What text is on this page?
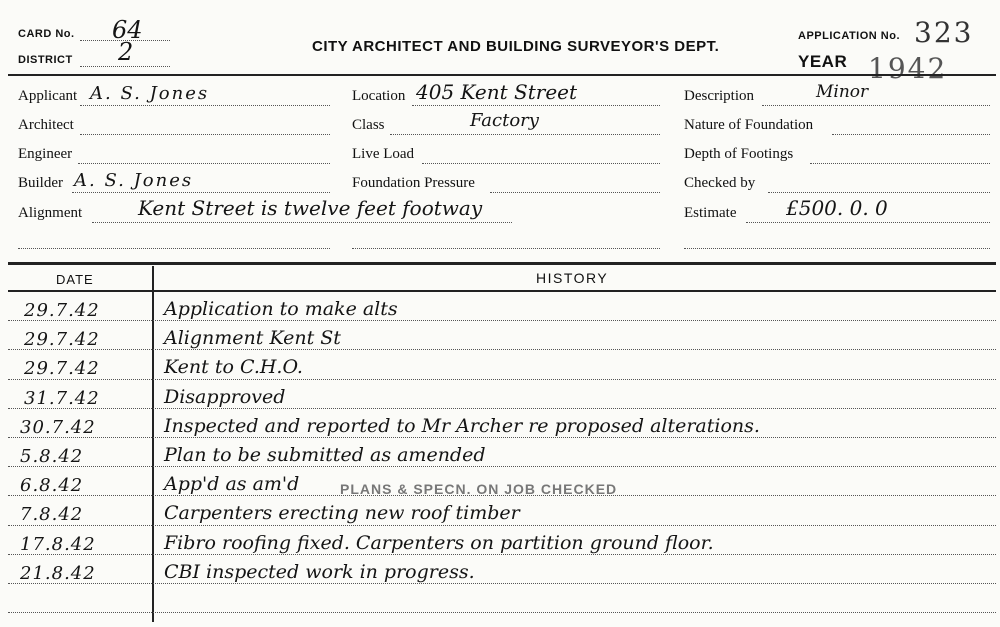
CARD No. 64
DISTRICT 2	CITY ARCHITECT AND BUILDING SURVEYOR'S DEPT.
APPLICATION No. 323
YEAR 1942
Applicant A. S. Jones
Architect
Engineer
Builder A. S. Jones
Alignment	Kent Street is twelve feet footway
Location 405 Kent Street
Class	Factory
Live Load
Foundation Pressure
Description	Minor
Nature of Foundation
Depth of Footings
Checked by
Estimate £500. 0. 0
DATE	HISTORY
29.7.42	Application to make alts
29.7.42	Alignment Kent St
29.7.42	Kent to C.H.O.
31.7.42	Disapproved
30.7.42	Inspected and reported to Mr Archer re proposed alterations.
5.8.42	Plan to be submitted as amended
6.8.42	App'd as am'd
7.8.42	Carpenters erecting new roof timber
17.8.42	Fibro roofing fixed. Carpenters on partition ground floor.
21.8.42	CBI inspected work in progress.
PLANS & SPECN. ON JOB CHECKED
